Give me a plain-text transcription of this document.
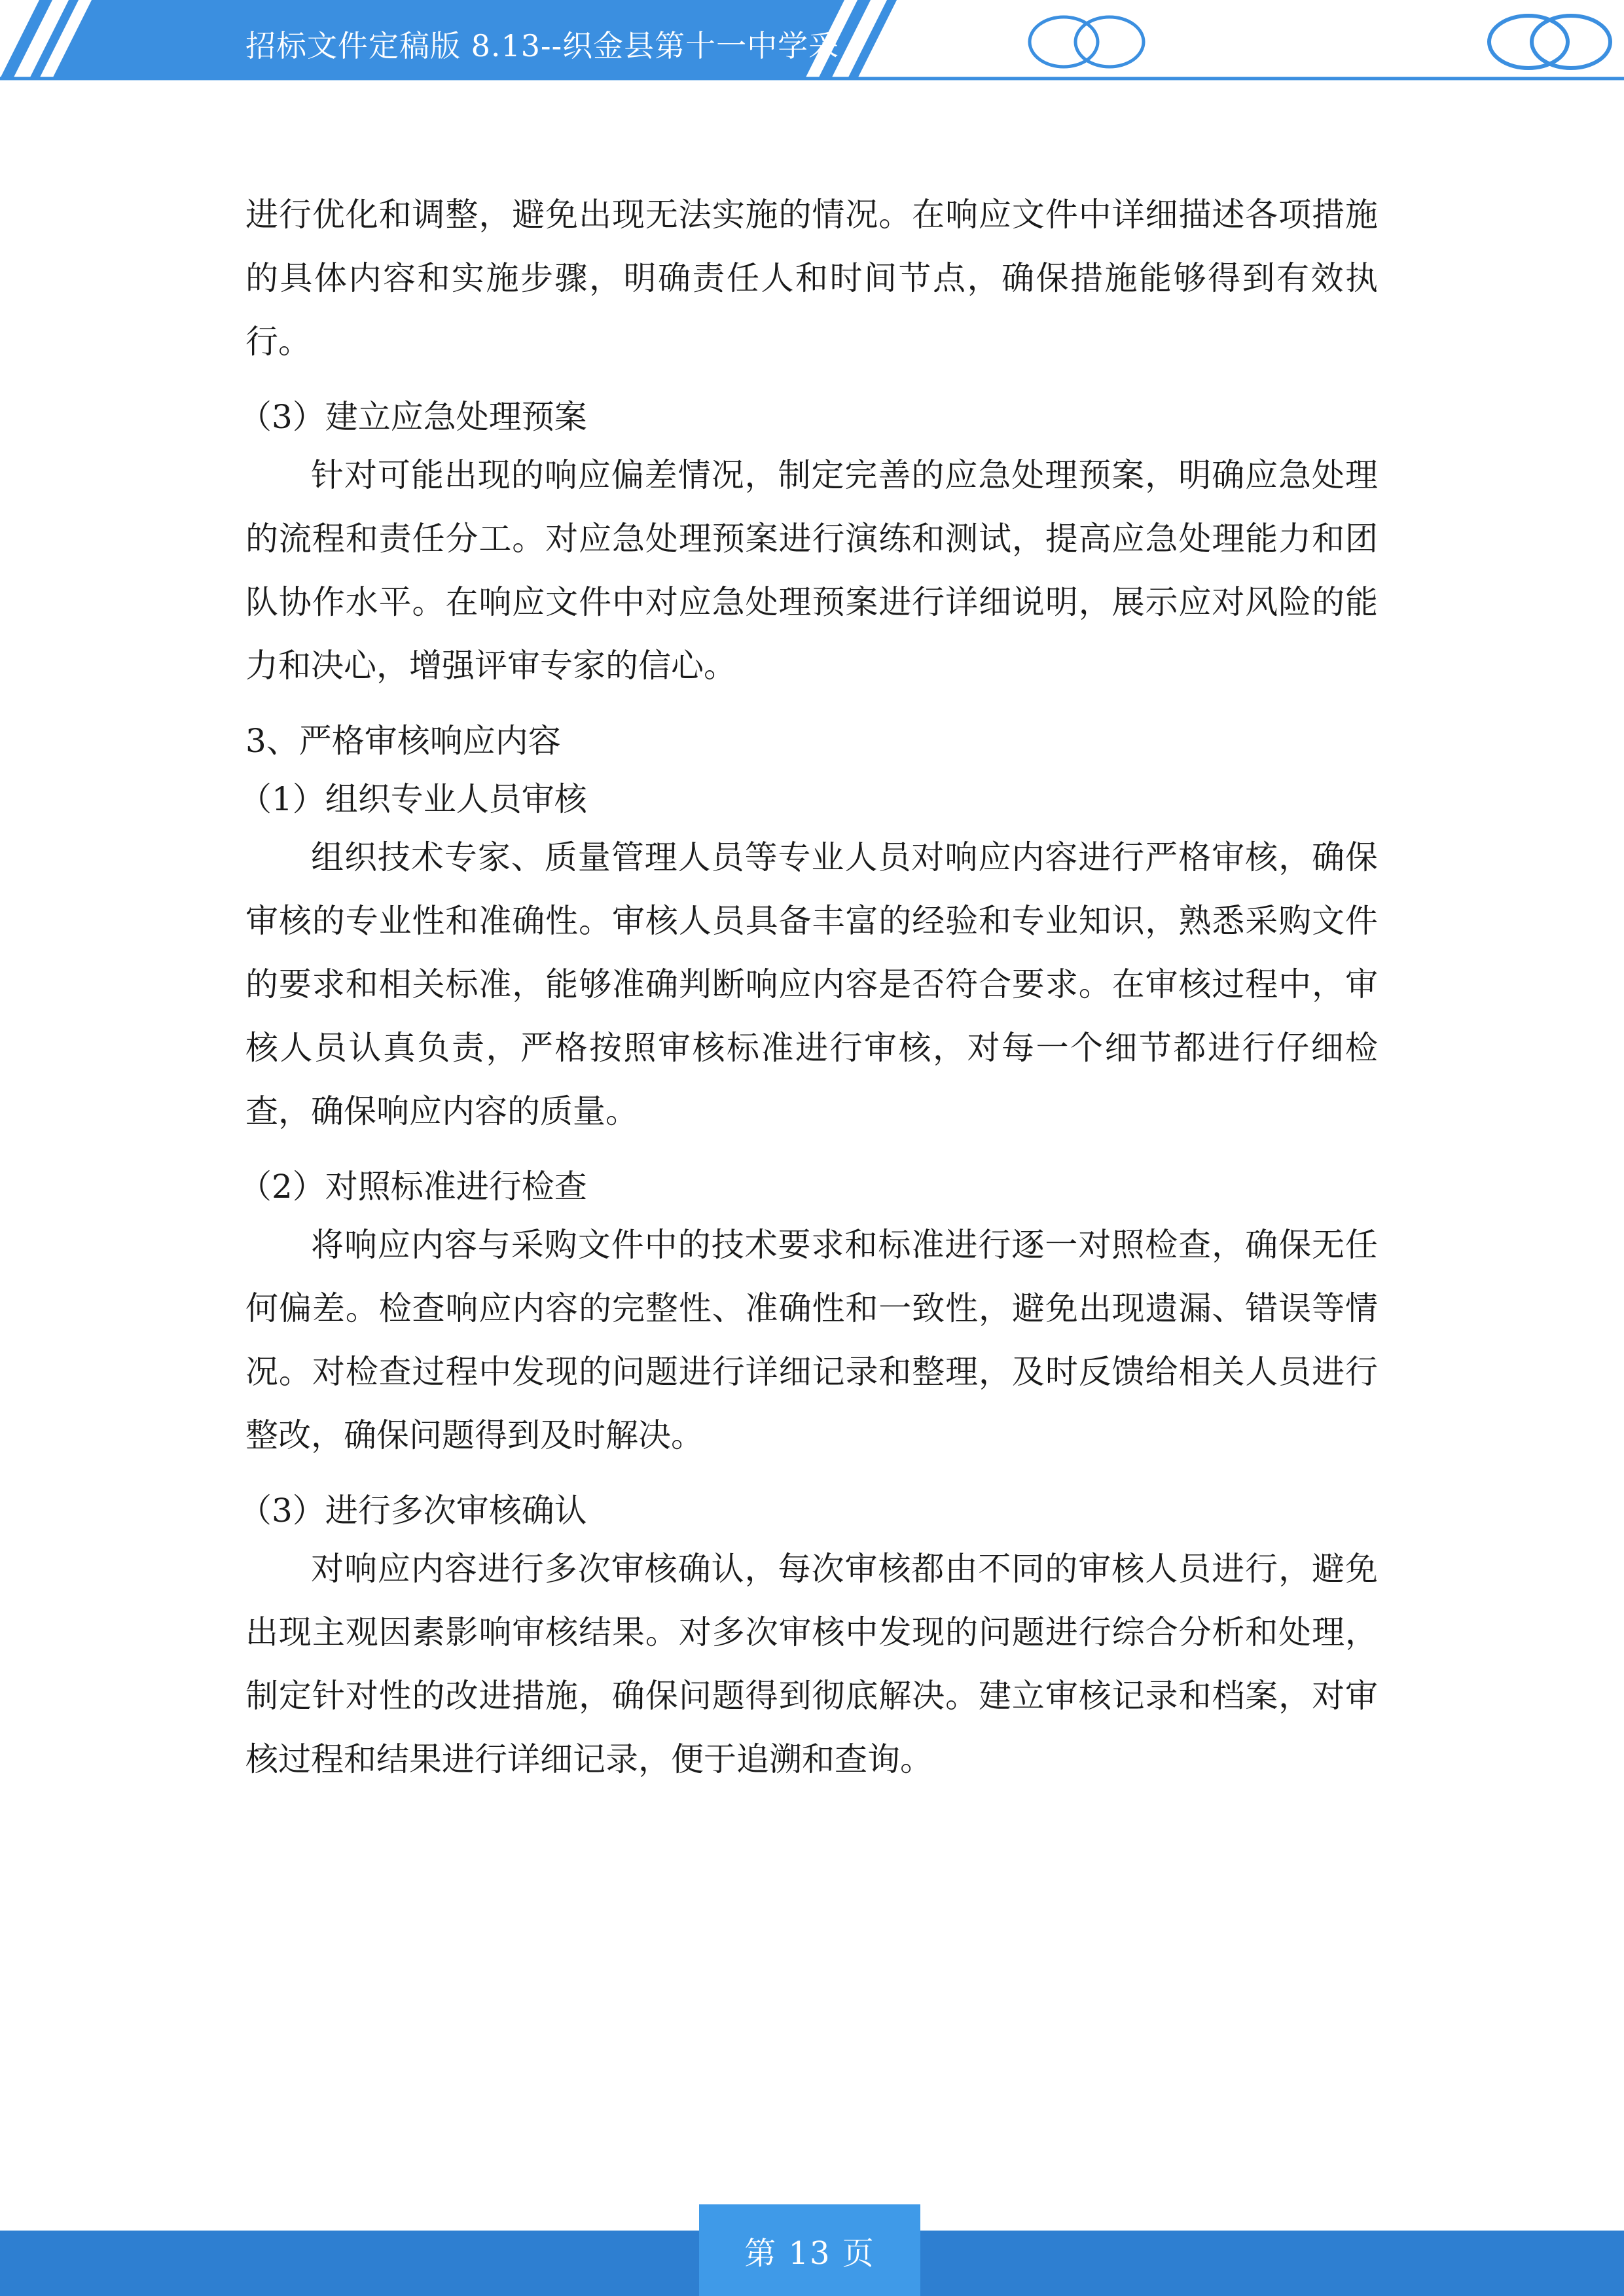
招标文件定稿版 8.13--织金县第十一中学采

进行优化和调整，避免出现无法实施的情况。在响应文件中详细描述各项措施的具体内容和实施步骤，明确责任人和时间节点，确保措施能够得到有效执行。

（3）建立应急处理预案

针对可能出现的响应偏差情况，制定完善的应急处理预案，明确应急处理的流程和责任分工。对应急处理预案进行演练和测试，提高应急处理能力和团队协作水平。在响应文件中对应急处理预案进行详细说明，展示应对风险的能力和决心，增强评审专家的信心。

3、严格审核响应内容
（1）组织专业人员审核

组织技术专家、质量管理人员等专业人员对响应内容进行严格审核，确保审核的专业性和准确性。审核人员具备丰富的经验和专业知识，熟悉采购文件的要求和相关标准，能够准确判断响应内容是否符合要求。在审核过程中，审核人员认真负责，严格按照审核标准进行审核，对每一个细节都进行仔细检查，确保响应内容的质量。

（2）对照标准进行检查

将响应内容与采购文件中的技术要求和标准进行逐一对照检查，确保无任何偏差。检查响应内容的完整性、准确性和一致性，避免出现遗漏、错误等情况。对检查过程中发现的问题进行详细记录和整理，及时反馈给相关人员进行整改，确保问题得到及时解决。

（3）进行多次审核确认

对响应内容进行多次审核确认，每次审核都由不同的审核人员进行，避免出现主观因素影响审核结果。对多次审核中发现的问题进行综合分析和处理，制定针对性的改进措施，确保问题得到彻底解决。建立审核记录和档案，对审核过程和结果进行详细记录，便于追溯和查询。

第 13 页
